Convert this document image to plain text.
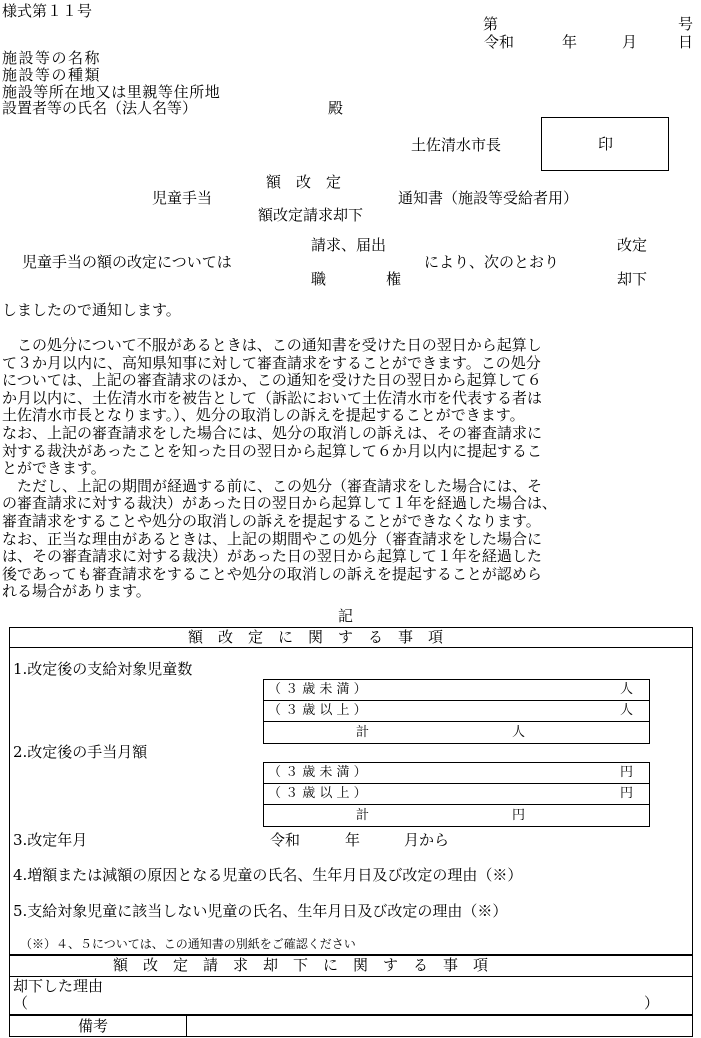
様式第１１号
第	号
令和	年	月	日
施設等の名称
施設等の種類
施設等所在地又は里親等住所地
設置者等の氏名（法人名等）	殿
土佐清水市長	印
額　改　定
児童手当	通知書（施設等受給者用）
額改定請求却下
請求、届出	改定
児童手当の額の改定については	により、次のとおり
職	権	却下
しましたので通知します。
　この処分について不服があるときは、この通知書を受けた日の翌日から起算し
て３か月以内に、高知県知事に対して審査請求をすることができます。この処分
については、上記の審査請求のほか、この通知を受けた日の翌日から起算して６
か月以内に、土佐清水市を被告として（訴訟において土佐清水市を代表する者は
土佐清水市長となります。）、処分の取消しの訴えを提起することができます。
なお、上記の審査請求をした場合には、処分の取消しの訴えは、その審査請求に
対する裁決があったことを知った日の翌日から起算して６か月以内に提起するこ
とができます。
　ただし、上記の期間が経過する前に、この処分（審査請求をした場合には、そ
の審査請求に対する裁決）があった日の翌日から起算して１年を経過した場合は、
審査請求をすることや処分の取消しの訴えを提起することができなくなります。
なお、正当な理由があるときは、上記の期間やこの処分（審査請求をした場合に
は、その審査請求に対する裁決）があった日の翌日から起算して１年を経過した
後であっても審査請求をすることや処分の取消しの訴えを提起することが認めら
れる場合があります。
記
額　改　定　に　関　す　る　事　項
1.改定後の支給対象児童数
（ ３ 歳 未 満 ）	人
（ ３ 歳 以 上 ）	人
計	人
2.改定後の手当月額
（ ３ 歳 未 満 ）	円
（ ３ 歳 以 上 ）	円
計	円
3.改定年月	令和	年	月から
4.増額または減額の原因となる児童の氏名、生年月日及び改定の理由（※）
5.支給対象児童に該当しない児童の氏名、生年月日及び改定の理由（※）
（※）４、５については、この通知書の別紙をご確認ください
額　改　定　請　求　却　下　に　関　す　る　事　項
却下した理由
（	）
備考
